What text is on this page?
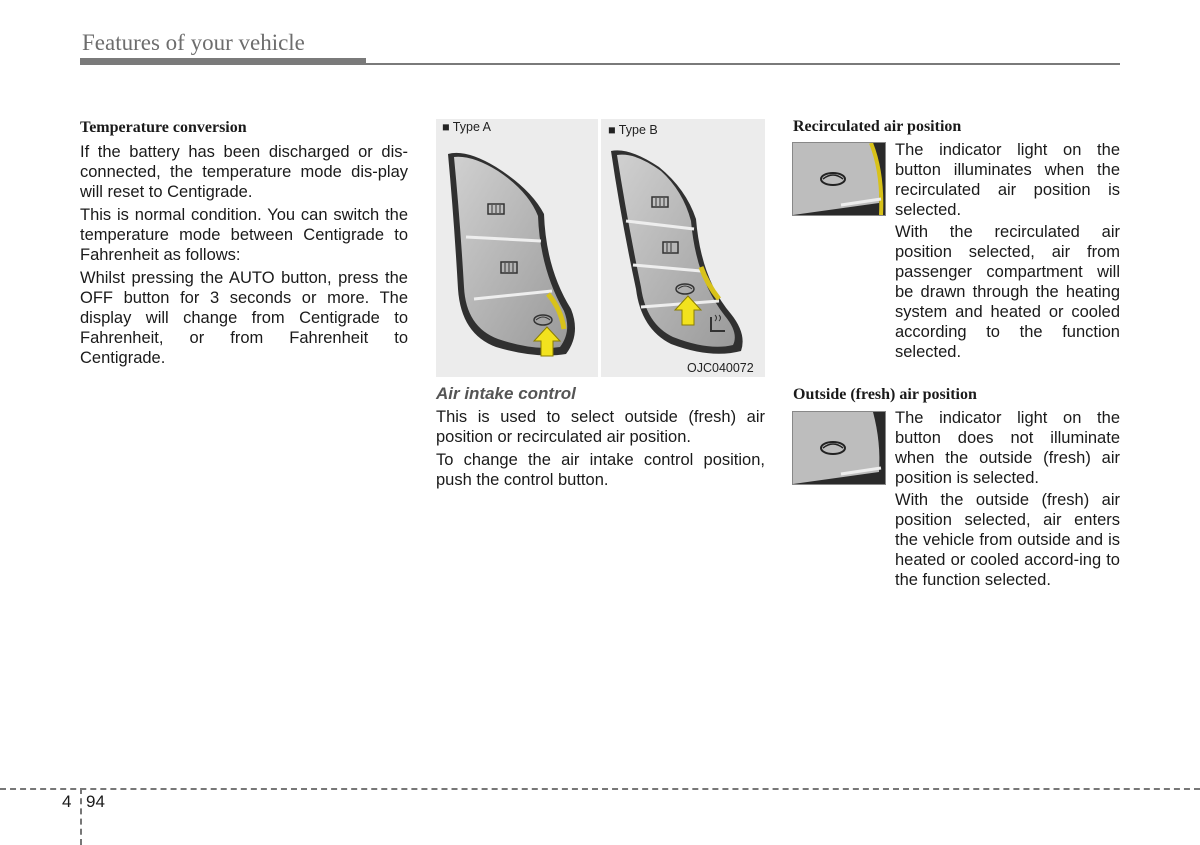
Features of your vehicle
Temperature conversion

If the battery has been discharged or dis-connected, the temperature mode dis-play will reset to Centigrade.

This is normal condition. You can switch the temperature mode between Centigrade to Fahrenheit as follows:

Whilst pressing the AUTO button, press the OFF button for 3 seconds or more. The display will change from Centigrade to Fahrenheit, or from Fahrenheit to Centigrade.

■ Type A	■ Type B
OJC040072
Air intake control

This is used to select outside (fresh) air position or recirculated air position.

To change the air intake control position, push the control button.

Recirculated air position

The indicator light on the button illuminates when the recirculated air position is selected.

With the recirculated air position selected, air from passenger compartment will be drawn through the heating system and heated or cooled according to the function selected.

Outside (fresh) air position

The indicator light on the button does not illuminate when the outside (fresh) air position is selected.

With the outside (fresh) air position selected, air enters the vehicle from outside and is heated or cooled accord-ing to the function selected.

4 94
